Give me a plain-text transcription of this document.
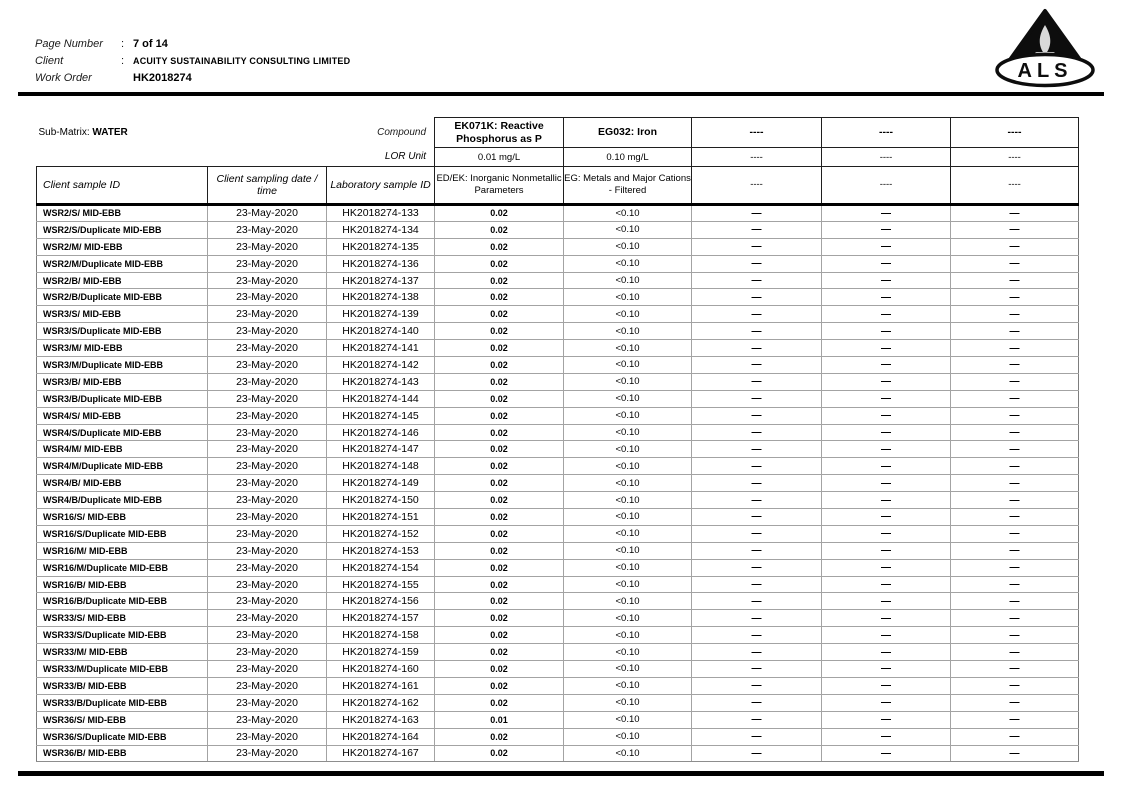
Page Number	: 7 of 14
Client	: ACUITY SUSTAINABILITY CONSULTING LIMITED
Work Order	HK2018274	ALS
Sub-Matrix: WATER Compound			EK071K: Reactive Phosphorus as P	EG032: Iron	----	----	----
LOR Unit			0.01 mg/L	0.10 mg/L	----	----	----
Client sample ID	Client sampling date / time	Laboratory sample ID	ED/EK: Inorganic Nonmetallic Parameters	EG: Metals and Major Cations - Filtered	----	----	----
WSR2/S/ MID-EBB	23-May-2020	HK2018274-133	0.02	<0.10	—	—	—
WSR2/S/Duplicate MID-EBB	23-May-2020	HK2018274-134	0.02	<0.10	—	—	—
WSR2/M/ MID-EBB	23-May-2020	HK2018274-135	0.02	<0.10	—	—	—
WSR2/M/Duplicate MID-EBB	23-May-2020	HK2018274-136	0.02	<0.10	—	—	—
WSR2/B/ MID-EBB	23-May-2020	HK2018274-137	0.02	<0.10	—	—	—
WSR2/B/Duplicate MID-EBB	23-May-2020	HK2018274-138	0.02	<0.10	—	—	—
WSR3/S/ MID-EBB	23-May-2020	HK2018274-139	0.02	<0.10	—	—	—
WSR3/S/Duplicate MID-EBB	23-May-2020	HK2018274-140	0.02	<0.10	—	—	—
WSR3/M/ MID-EBB	23-May-2020	HK2018274-141	0.02	<0.10	—	—	—
WSR3/M/Duplicate MID-EBB	23-May-2020	HK2018274-142	0.02	<0.10	—	—	—
WSR3/B/ MID-EBB	23-May-2020	HK2018274-143	0.02	<0.10	—	—	—
WSR3/B/Duplicate MID-EBB	23-May-2020	HK2018274-144	0.02	<0.10	—	—	—
WSR4/S/ MID-EBB	23-May-2020	HK2018274-145	0.02	<0.10	—	—	—
WSR4/S/Duplicate MID-EBB	23-May-2020	HK2018274-146	0.02	<0.10	—	—	—
WSR4/M/ MID-EBB	23-May-2020	HK2018274-147	0.02	<0.10	—	—	—
WSR4/M/Duplicate MID-EBB	23-May-2020	HK2018274-148	0.02	<0.10	—	—	—
WSR4/B/ MID-EBB	23-May-2020	HK2018274-149	0.02	<0.10	—	—	—
WSR4/B/Duplicate MID-EBB	23-May-2020	HK2018274-150	0.02	<0.10	—	—	—
WSR16/S/ MID-EBB	23-May-2020	HK2018274-151	0.02	<0.10	—	—	—
WSR16/S/Duplicate MID-EBB	23-May-2020	HK2018274-152	0.02	<0.10	—	—	—
WSR16/M/ MID-EBB	23-May-2020	HK2018274-153	0.02	<0.10	—	—	—
WSR16/M/Duplicate MID-EBB	23-May-2020	HK2018274-154	0.02	<0.10	—	—	—
WSR16/B/ MID-EBB	23-May-2020	HK2018274-155	0.02	<0.10	—	—	—
WSR16/B/Duplicate MID-EBB	23-May-2020	HK2018274-156	0.02	<0.10	—	—	—
WSR33/S/ MID-EBB	23-May-2020	HK2018274-157	0.02	<0.10	—	—	—
WSR33/S/Duplicate MID-EBB	23-May-2020	HK2018274-158	0.02	<0.10	—	—	—
WSR33/M/ MID-EBB	23-May-2020	HK2018274-159	0.02	<0.10	—	—	—
WSR33/M/Duplicate MID-EBB	23-May-2020	HK2018274-160	0.02	<0.10	—	—	—
WSR33/B/ MID-EBB	23-May-2020	HK2018274-161	0.02	<0.10	—	—	—
WSR33/B/Duplicate MID-EBB	23-May-2020	HK2018274-162	0.02	<0.10	—	—	—
WSR36/S/ MID-EBB	23-May-2020	HK2018274-163	0.01	<0.10	—	—	—
WSR36/S/Duplicate MID-EBB	23-May-2020	HK2018274-164	0.02	<0.10	—	—	—
WSR36/B/ MID-EBB	23-May-2020	HK2018274-167	0.02	<0.10	—	—	—
